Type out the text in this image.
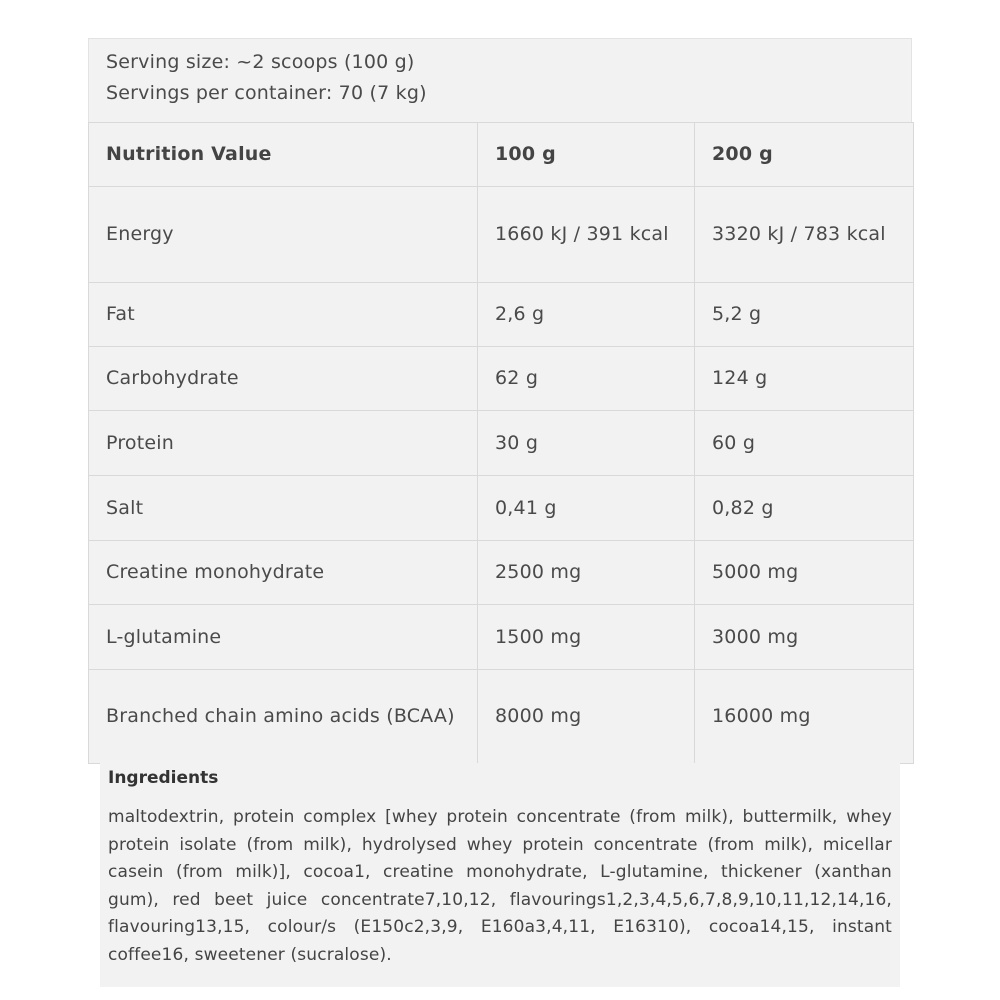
Serving size: ~2 scoops (100 g)
Servings per container: 70 (7 kg)
Nutrition Value	100 g	200 g
Energy	1660 kJ / 391 kcal	3320 kJ / 783 kcal
Fat	2,6 g	5,2 g
Carbohydrate	62 g	124 g
Protein	30 g	60 g
Salt	0,41 g	0,82 g
Creatine monohydrate	2500 mg	5000 mg
L-glutamine	1500 mg	3000 mg
Branched chain amino acids (BCAA)	8000 mg	16000 mg
Ingredients
maltodextrin, protein complex [whey protein concentrate (from milk), buttermilk, whey protein isolate (from milk), hydrolysed whey protein concentrate (from milk), micellar casein (from milk)], cocoa1, creatine monohydrate, L-glutamine, thickener (xanthan gum), red beet juice concentrate7,10,12, flavourings1,2,3,4,5,6,7,8,9,10,11,12,14,16, flavouring13,15, colour/s (E150c2,3,9, E160a3,4,11, E16310), cocoa14,15, instant coffee16, sweetener (sucralose).
